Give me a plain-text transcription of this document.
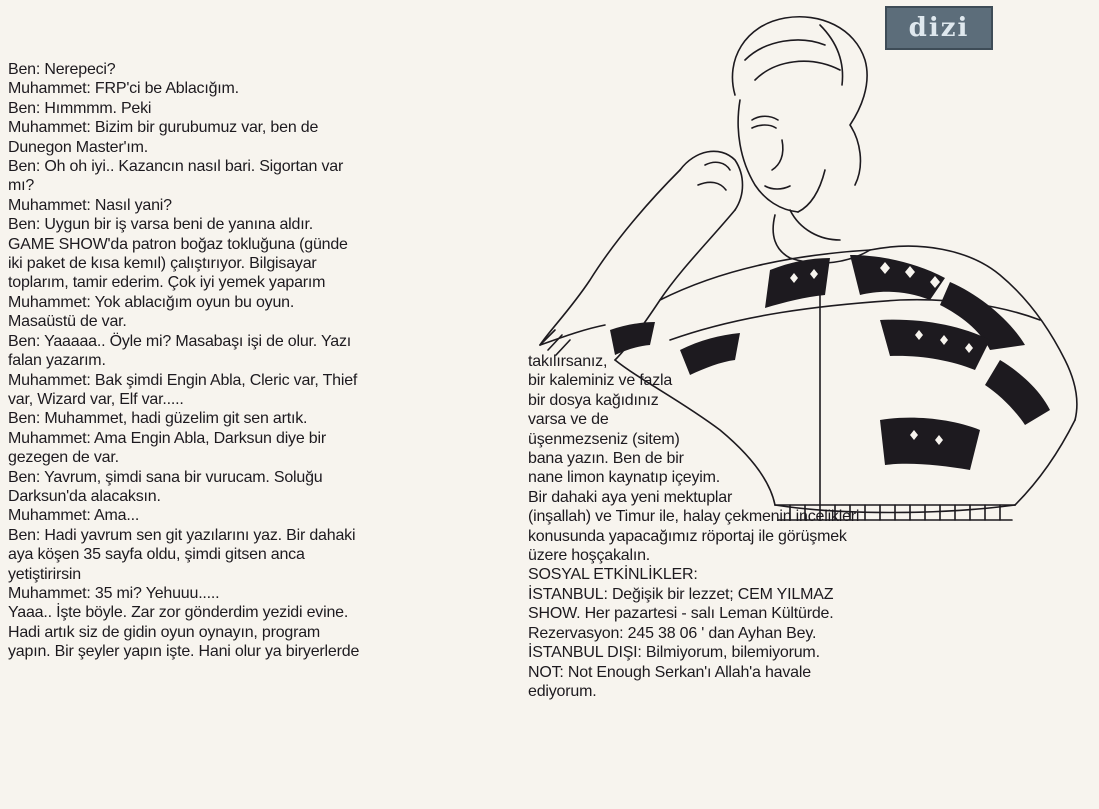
dizi
Ben: Nerepeci?
Muhammet: FRP'ci be Ablacığım.
Ben: Hımmmm. Peki
Muhammet: Bizim bir gurubumuz var, ben de
Dunegon Master'ım.
Ben: Oh oh iyi.. Kazancın nasıl bari. Sigortan var
mı?
Muhammet: Nasıl yani?
Ben: Uygun bir iş varsa beni de yanına aldır.
GAME SHOW'da patron boğaz tokluğuna (günde
iki paket de kısa kemıl) çalıştırıyor. Bilgisayar
toplarım, tamir ederim. Çok iyi yemek yaparım
Muhammet: Yok ablacığım oyun bu oyun.
Masaüstü de var.
Ben: Yaaaaa.. Öyle mi? Masabaşı işi de olur. Yazı
falan yazarım.
Muhammet: Bak şimdi Engin Abla, Cleric var, Thief
var, Wizard var, Elf var.....
Ben: Muhammet, hadi güzelim git sen artık.
Muhammet: Ama Engin Abla, Darksun diye bir
gezegen de var.
Ben: Yavrum, şimdi sana bir vurucam. Soluğu
Darksun'da alacaksın.
Muhammet: Ama...
Ben: Hadi yavrum sen git yazılarını yaz. Bir dahaki
aya köşen 35 sayfa oldu, şimdi gitsen anca
yetiştirirsin
Muhammet: 35 mi? Yehuuu.....
Yaaa.. İşte böyle. Zar zor gönderdim yezidi evine.
Hadi artık siz de gidin oyun oynayın, program
yapın. Bir şeyler yapın işte. Hani olur ya biryerlerde
takılırsanız,
bir kaleminiz ve fazla
bir dosya kağıdınız
varsa ve de
üşenmezseniz (sitem)
bana yazın. Ben de bir
nane limon kaynatıp içeyim.
Bir dahaki aya yeni mektuplar
(inşallah) ve Timur ile, halay çekmenin incelikleri
konusunda yapacağımız röportaj ile görüşmek
üzere hoşçakalın.
SOSYAL ETKİNLİKLER:
İSTANBUL: Değişik bir lezzet; CEM YILMAZ
SHOW. Her pazartesi - salı Leman Kültürde.
Rezervasyon: 245 38 06 ' dan Ayhan Bey.
İSTANBUL DIŞI: Bilmiyorum, bilemiyorum.
NOT: Not Enough Serkan'ı Allah'a havale
ediyorum.
